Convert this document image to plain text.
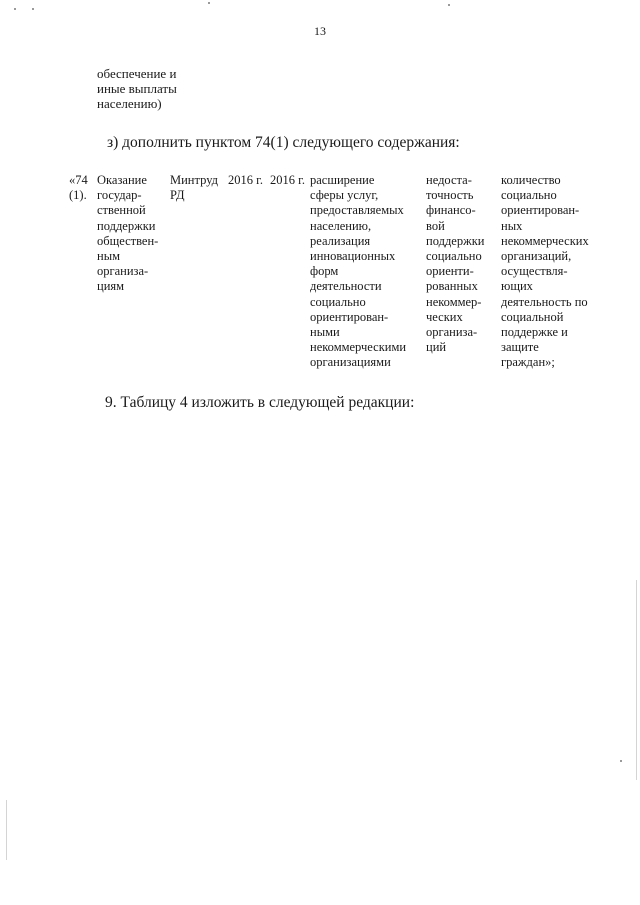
13
обеспечение и
иные выплаты
населению)
з) дополнить пунктом 74(1) следующего содержания:
«74
(1).
Оказание
государ-
ственной
поддержки
обществен-
ным
организа-
циям
Минтруд
РД
2016 г. 2016 г. расширение
сферы услуг,
предоставляемых
населению,
реализация
инновационных
форм
деятельности
социально
ориентирован-
ными
некоммерческими
организациями
недоста-
точность
финансо-
вой
поддержки
социально
ориенти-
рованных
некоммер-
ческих
организа-
ций
количество
социально
ориентирован-
ных
некоммерческих
организаций,
осуществля-
ющих
деятельность по
социальной
поддержке и
защите
граждан»;
9. Таблицу 4 изложить в следующей редакции:
